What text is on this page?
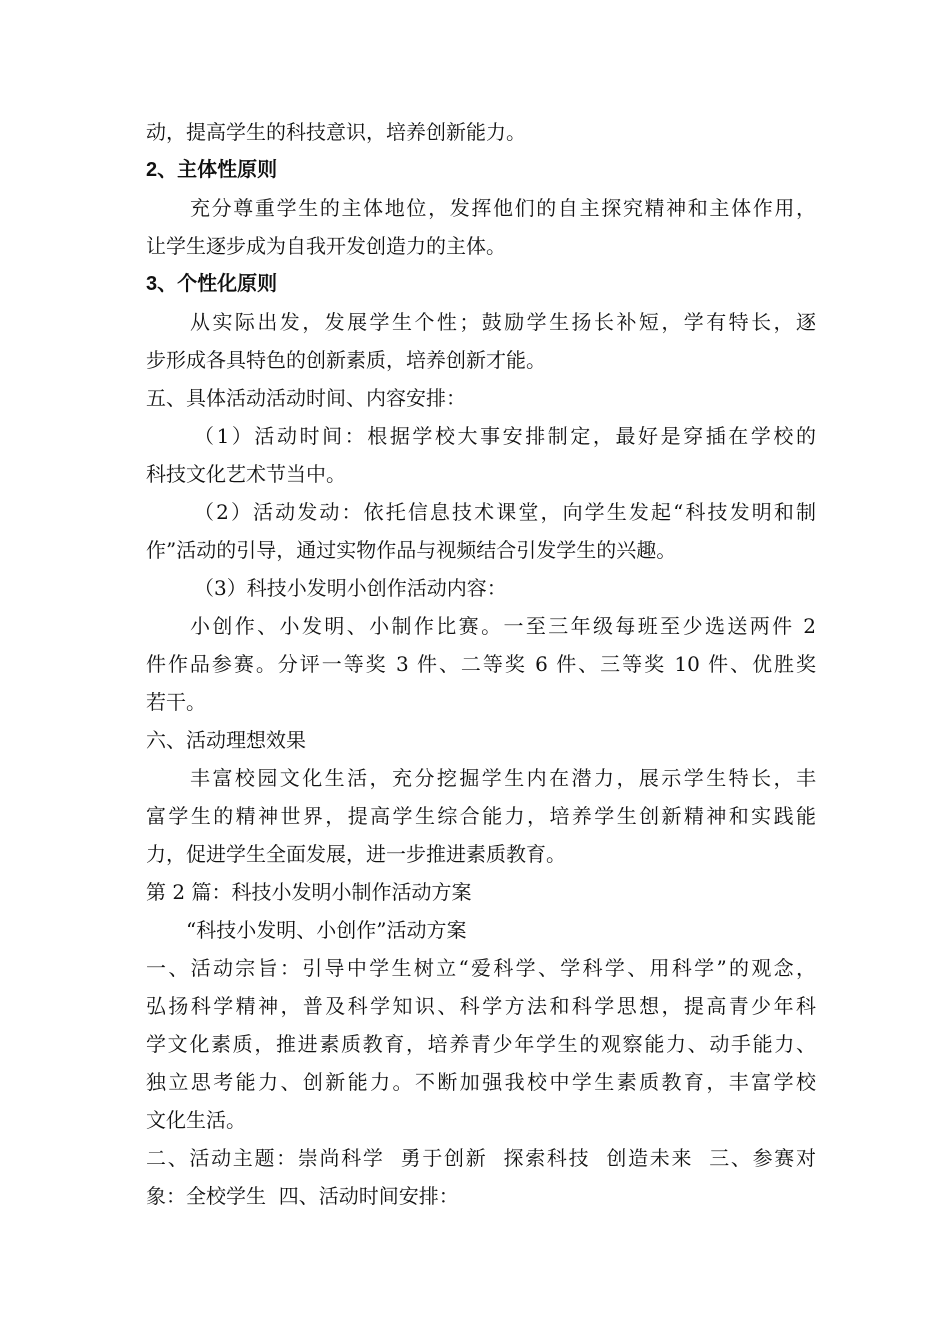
动，提高学生的科技意识，培养创新能力。
2、主体性原则
充分尊重学生的主体地位，发挥他们的自主探究精神和主体作用，
让学生逐步成为自我开发创造力的主体。
3、个性化原则
从实际出发，发展学生个性；鼓励学生扬长补短，学有特长，逐
步形成各具特色的创新素质，培养创新才能。
五、具体活动活动时间、内容安排：
（1）活动时间：根据学校大事安排制定，最好是穿插在学校的
科技文化艺术节当中。
（2）活动发动：依托信息技术课堂，向学生发起“科技发明和制
作”活动的引导，通过实物作品与视频结合引发学生的兴趣。
（3）科技小发明小创作活动内容：
小创作、小发明、小制作比赛。一至三年级每班至少选送两件 2
件作品参赛。分评一等奖 3 件、二等奖 6 件、三等奖 10 件、优胜奖
若干。
六、活动理想效果
丰富校园文化生活，充分挖掘学生内在潜力，展示学生特长，丰
富学生的精神世界，提高学生综合能力，培养学生创新精神和实践能
力，促进学生全面发展，进一步推进素质教育。
第 2 篇：科技小发明小制作活动方案
“科技小发明、小创作”活动方案
一、活动宗旨：引导中学生树立“爱科学、学科学、用科学”的观念，
弘扬科学精神，普及科学知识、科学方法和科学思想，提高青少年科
学文化素质，推进素质教育，培养青少年学生的观察能力、动手能力、
独立思考能力、创新能力。不断加强我校中学生素质教育，丰富学校
文化生活。
二、活动主题：崇尚科学  勇于创新  探索科技  创造未来  三、参赛对
象：全校学生  四、活动时间安排：
